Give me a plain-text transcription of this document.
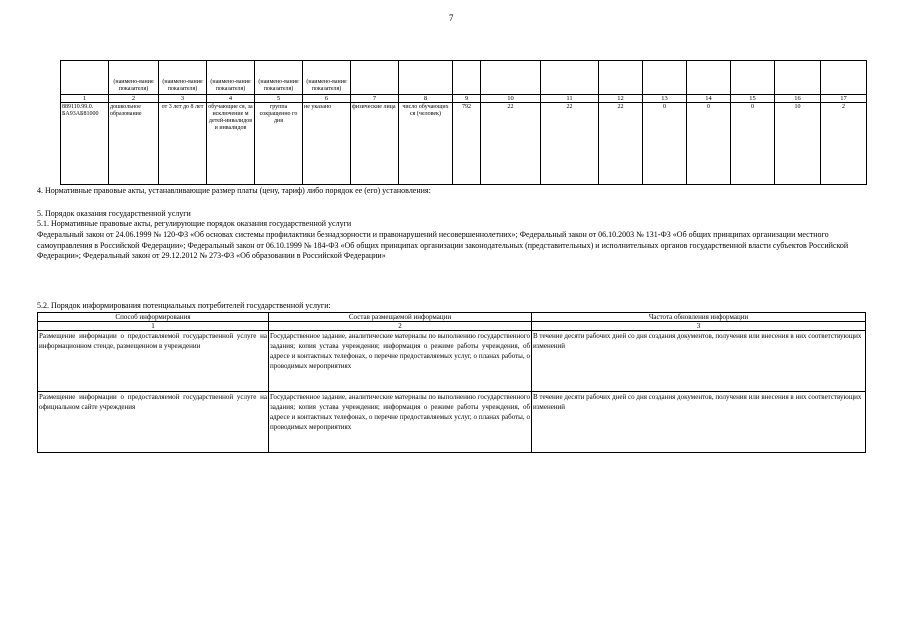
7
	(наимено-вание показателя)	(наимено-вание показателя)	(наимено-вание показателя)	(наимено-вание показателя)	(наимено-вание показателя)											
1	2	3	4	5	6	7	8	9	10	11	12	13	14	15	16	17
889110.99.0. БА93АБ81000	дошкольное образование	от 3 лет до 8 лет	обучающие ся, за исключение м детей-инвалидов и инвалидов	группа сокращенно го дня	не указано	физические лица	число обучающих ся (человек)	792	22	22	22	0	0	0	10	2
4. Нормативные правовые акты, устанавливающие размер платы (цену, тариф) либо порядок ее (его) установления:
5. Порядок оказания государственной услуги
5.1. Нормативные правовые акты, регулирующие порядок оказания государственной услуги
Федеральный закон от 24.06.1999 № 120-ФЗ «Об основах системы профилактики безнадзорности и правонарушений несовершеннолетних»; Федеральный закон от 06.10.2003 № 131-ФЗ «Об общих принципах организации местного самоуправления в Российской Федерации»; Федеральный закон от 06.10.1999 № 184-ФЗ «Об общих принципах организации законодательных (представительных) и исполнительных органов государственной власти субъектов Российской Федерации»; Федеральный закон от 29.12.2012 № 273-ФЗ «Об образовании в Российской Федерации»
5.2. Порядок информирования потенциальных потребителей государственной услуги:
Способ информирования	Состав размещаемой информации	Частота обновления информации
1	2	3
Размещение информации о предоставляемой государственной услуге на информационном стенде, размещенном в учреждении	Государственное задание, аналитические материалы по выполнению государственного задания; копия устава учреждения; информация о режиме работы учреждения, об адресе и контактных телефонах, о перечне предоставляемых услуг, о планах работы, о проводимых мероприятиях	В течение десяти рабочих дней со дня создания документов, получения или внесения в них соответствующих изменений
Размещение информации о предоставляемой государственной услуге на официальном сайте учреждения	Государственное задание, аналитические материалы по выполнению государственного задания; копия устава учреждения; информация о режиме работы учреждения, об адресе и контактных телефонах, о перечне предоставляемых услуг, о планах работы, о проводимых мероприятиях	В течение десяти рабочих дней со дня создания документов, получения или внесения в них соответствующих изменений
